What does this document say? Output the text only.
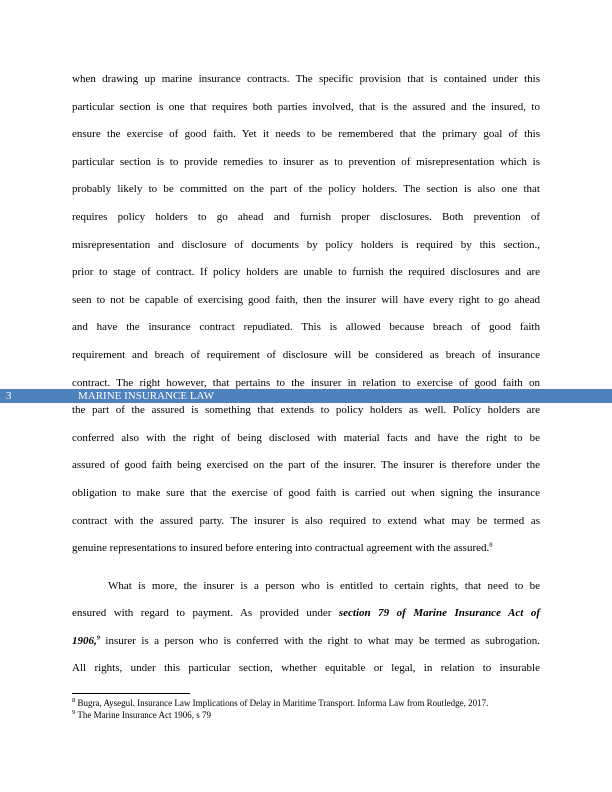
when drawing up marine insurance contracts. The specific provision that is contained under this
particular section is one that requires both parties involved, that is the assured and the insured, to
ensure the exercise of good faith. Yet it needs to be remembered that the primary goal of this
particular section is to provide remedies to insurer as to prevention of misrepresentation which is
probably likely to be committed on the part of the policy holders. The section is also one that
requires policy holders to go ahead and furnish proper disclosures. Both prevention of
misrepresentation and disclosure of documents by policy holders is required by this section.,
prior to stage of contract. If policy holders are unable to furnish the required disclosures and are
seen to not be capable of exercising good faith, then the insurer will have every right to go ahead
and have the insurance contract repudiated. This is allowed because breach of good faith
requirement and breach of requirement of disclosure will be considered as breach of insurance
contract. The right however, that pertains to the insurer in relation to exercise of good faith on
the part of the assured is something that extends to policy holders as well. Policy holders are
conferred also with the right of being disclosed with material facts and have the right to be
assured of good faith being exercised on the part of the insurer. The insurer is therefore under the
obligation to make sure that the exercise of good faith is carried out when signing the insurance
contract with the assured party. The insurer is also required to extend what may be termed as
genuine representations to insured before entering into contractual agreement with the assured.$^8$
What is more, the insurer is a person who is entitled to certain rights, that need to be
ensured with regard to payment. As provided under section 79 of Marine Insurance Act of
1906,$^9$ insurer is a person who is conferred with the right to what may be termed as subrogation.
All rights, under this particular section, whether equitable or legal, in relation to insurable
3	MARINE INSURANCE LAW
$^8$ Bugra, Aysegul. Insurance Law Implications of Delay in Maritime Transport. Informa Law from Routledge, 2017.
$^9$ The Marine Insurance Act 1906, s 79
